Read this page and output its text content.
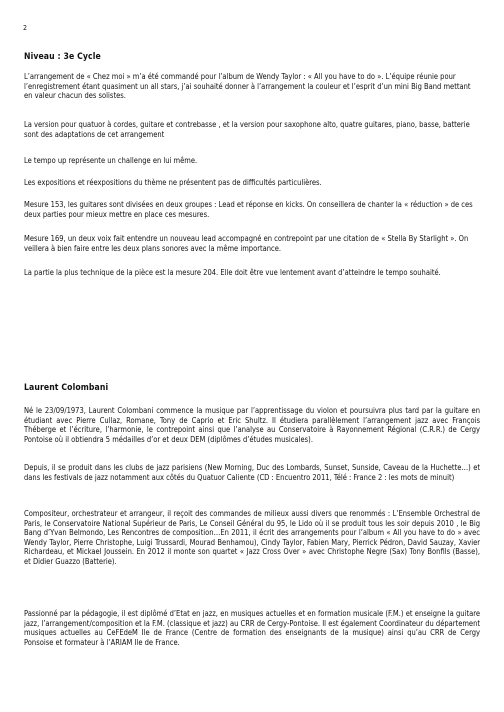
2
Niveau : 3e Cycle

L’arrangement de « Chez moi » m’a été commandé pour l’album de Wendy Taylor : « All you have to do ». L’équipe réunie pour l’enregistrement étant quasiment un all stars, j’ai souhaité donner à l’arrangement la couleur et l’esprit d’un mini Big Band mettant en valeur chacun des solistes.

La version pour quatuor à cordes, guitare et contrebasse , et la version pour saxophone alto, quatre guitares, piano, basse, batterie sont des adaptations de cet arrangement

Le tempo up représente un challenge en lui même.

Les expositions et réexpositions du thème ne présentent pas de difficultés particulières.

Mesure 153, les guitares sont divisées en deux groupes : Lead et réponse en kicks. On conseillera de chanter la « réduction » de ces deux parties pour mieux mettre en place ces mesures.

Mesure 169, un deux voix fait entendre un nouveau lead accompagné en contrepoint par une citation de « Stella By Starlight ». On veillera à bien faire entre les deux plans sonores avec la même importance.

La partie la plus technique de la pièce est la mesure 204. Elle doit être vue lentement avant d’atteindre le tempo souhaité.

Laurent Colombani

Né le 23/09/1973, Laurent Colombani commence la musique par l’apprentissage du violon et poursuivra plus tard par la guitare en étudiant avec Pierre Cullaz, Romane, Tony de Caprio et Eric Shultz. Il étudiera parallèlement l’arrangement jazz avec François Théberge et l’écriture, l’harmonie, le contrepoint ainsi que l’analyse au Conservatoire à Rayonnement Régional (C.R.R.) de Cergy Pontoise où il obtiendra 5 médailles d’or et deux DEM (diplômes d’études musicales).

Depuis, il se produit dans les clubs de jazz parisiens (New Morning, Duc des Lombards, Sunset, Sunside, Caveau de la Huchette…) et dans les festivals de jazz notamment aux côtés du Quatuor Caliente (CD : Encuentro 2011, Télé : France 2 : les mots de minuit)

Compositeur, orchestrateur et arrangeur, il reçoit des commandes de milieux aussi divers que renommés : L’Ensemble Orchestral de Paris, le Conservatoire National Supérieur de Paris, Le Conseil Général du 95, le Lido où il se produit tous les soir depuis 2010 , le Big Bang d’Yvan Belmondo, Les Rencontres de composition…En 2011, il écrit des arrangements pour l’album « All you have to do » avec Wendy Taylor, Pierre Christophe, Luigi Trussardi, Mourad Benhamou), Cindy Taylor, Fabien Mary, Pierrick Pédron, David Sauzay, Xavier Richardeau, et Mickael Joussein. En 2012 il monte son quartet « Jazz Cross Over » avec Christophe Negre (Sax) Tony Bonfils (Basse), et Didier Guazzo (Batterie).

Passionné par la pédagogie, il est diplômé d’Etat en jazz, en musiques actuelles et en formation musicale (F.M.) et enseigne la guitare jazz, l’arrangement/composition et la F.M. (classique et jazz) au CRR de Cergy-Pontoise. Il est également Coordinateur du département musiques actuelles au CeFEdeM Ile de France (Centre de formation des enseignants de la musique) ainsi qu’au CRR de Cergy Ponsoise et formateur à l’ARIAM Ile de France.
